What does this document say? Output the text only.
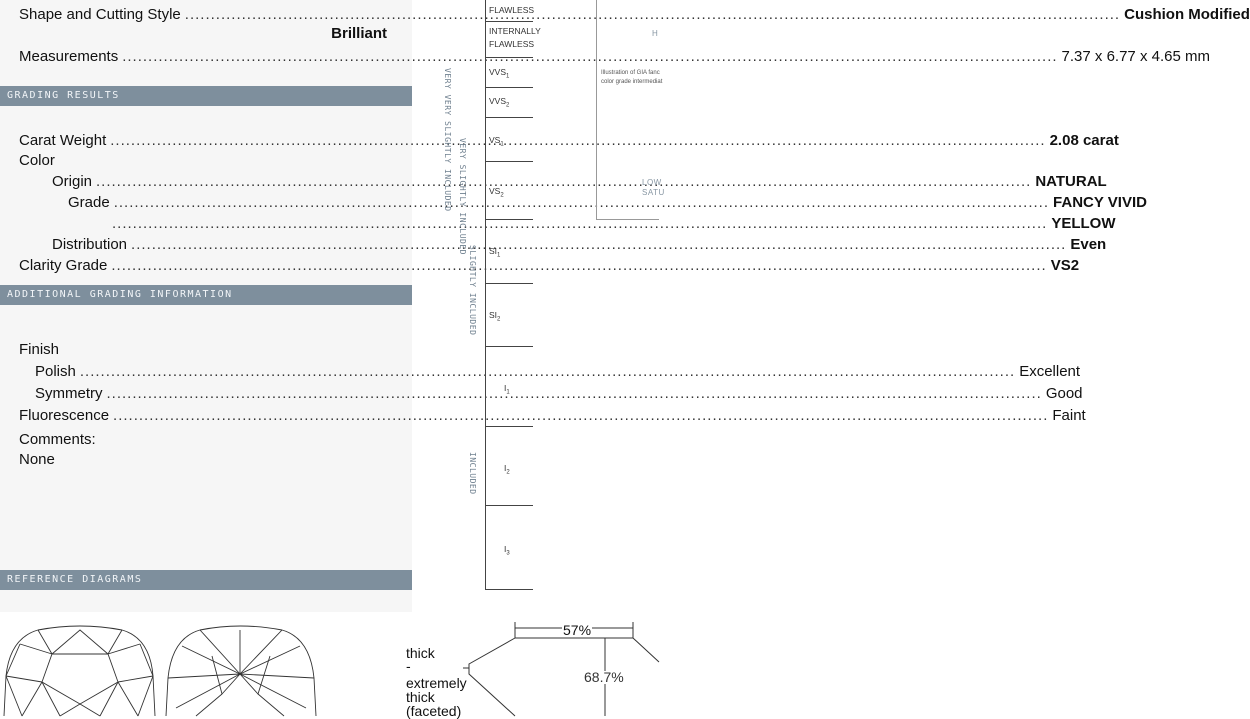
Shape and Cutting Style .....	Cushion Modified
Brilliant
Measurements .....	7.37 x 6.77 x 4.65 mm
GRADING RESULTS
Carat Weight .....	2.08 carat
Color
Origin .....	NATURAL
Grade .....	FANCY VIVID
.....
YELLOW
Distribution .....	Even
Clarity Grade .....	VS2
ADDITIONAL GRADING INFORMATION
Finish
Polish .....	Excellent
Symmetry .....	Good
Fluorescence .....	Faint
Comments:
None
REFERENCE DIAGRAMS
VERY VERY SLIGHTLY INCLUDED VERY SLIGHTLY INCLUDED
SLIGHTLY INCLUDED
INCLUDED
FLAWLESS
INTERNALLY
FLAWLESS
$VVS_1$
$VVS_2$
$VS_1$
$VS_2$
$SI_1$
$SI_2$
$I_1$
$I_2$
$I_3$
H
Illustration of GIA fanc
color grade intermediat
LOW
SATU
57%
68.7%
thick
-
extremely
thick
(faceted)
